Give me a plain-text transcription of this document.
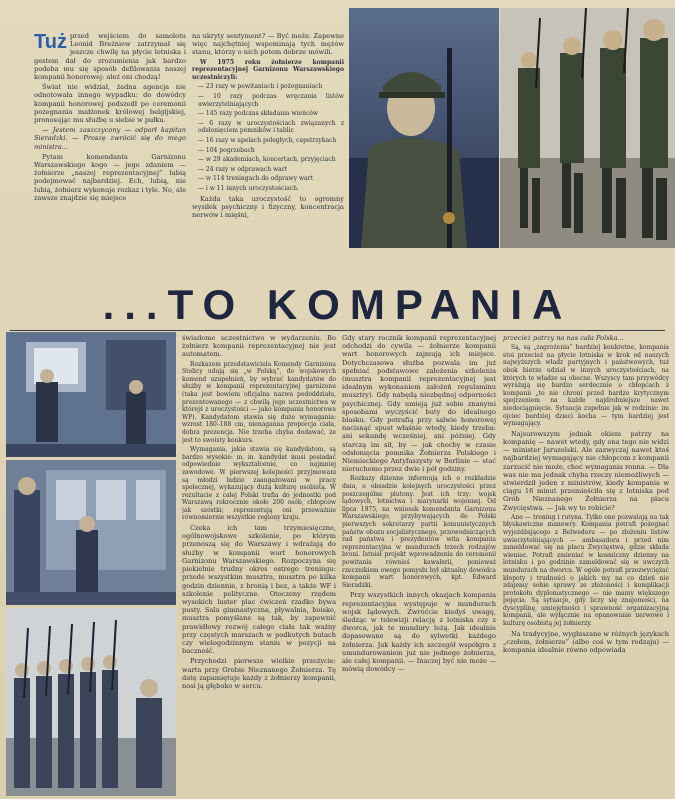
Tuż przed wejściem do samolotu Leonid Breżniew zatrzymał się jeszcze chwilę na płycie lotniska i gestem dał do zrozumienia jak bardzo podoba mu się sposób defilowania naszej kompanii honorowej: ależ oni chodzą!

Świat nie widział, żadna agencja nie odnotowała innego wypadku: do dowódcy kompanii honorowej podszedł po ceremonii pożegnania małżonek królowej belgijskiej, pronosując mu służbę u siebie w pułku.

— Jestem zaszczycony — odparł kapitan Sieradzki. — Proszę zwrócić się do mego ministra...

Pytam komendanta Garnizonu Warszawskiego kogo — jego zdaniem — żołnierze „naszej reprezentacyjnej” lubią podejmować najbardziej. Ech, lubią, nie lubią, żołnierz wykonuje rozkaz i tyle. No, ale zawsze znajdzie się miejsce

na ukryty sentyment? — Być może. Zapewne więc najchętniej wspominają tych mężów stanu, którzy o nich potem dobrze mówili.

W 1975 roku żołnierze kompanii reprezentacyjnej Garnizonu Warszawskiego uczestniczyli:

— 23 razy w powitaniach i pożegnaniach

— 10 razy podczas wręczania listów uwierzytelniających

— 145 razy podczas składania wieńców

— 6 razy w uroczystościach związanych z odsłonięciem pomników i tablic

— 16 razy w apelach poległych, capstrzykach

— 104 pogrzebach

— w 29 akademiach, koncertach, przyjęciach

— 24 razy w odprawach wart

— w 114 treningach do odprawy wart

— i w 11 innych uroczystościach.

Każda taka uroczystość to ogromny wysiłek psychiczny i fizyczny, koncentracja nerwów i mięśni,

...TO KOMPANIA

świadome uczestnictwo w wydarzeniu. Bo żołnierz kompanii reprezentacyjnej nie jest automatem.

Rozkazem przedstawiciela Komendy Garnizonu Stolicy udają się „w Polskę”, do wojskowych komend uzupełnień, by wybrać kandydatów do służby w kompanii reprezentacyjnej garnizonu (taka jest bowiem oficjalna nazwa pododdziału, prezentowanego — z chwilą jego uczestnictwa w którejś z uroczystości — jako kompania honorowa WP). Kandydatom stawia się duże wymagania: wzrost 180–188 cm, nienaganna proporcja ciała, dobra prezencja. Nie trzeba chyba dodawać, że jest to swoisty konkurs.

Wymagania, jakie stawia się kandydatom, są bardzo wysokie: m. in. kandydat musi posiadać odpowiednie wykształcenie, co najmniej zawodowe. W pierwszej kolejności przyjmowani są młodzi ludzie zaangażowani w pracy społecznej, wykazujący dużą kulturę osobistą. W rezultacie z całej Polski trafia do jednostki pod Warszawą rokrocznie około 200 osób, chłopców jak szóstki; reprezentują oni przeważnie równomiernie wszystkie regiony kraju.

Czeka ich tam trzymiesięczne, ogólnowojskowe szkolenie, po którym przenoszą się do Warszawy i wdrażają do służby w kompanii wart honorowych Garnizonu Warszawskiego. Rozpoczyna się piekielnie trudny okres ostrego treningu: przede wszystkim musztra, musztra po kilka godzin dziennie, z bronią i bez, a także WF i szkolenie polityczne. Otoczony rzędem wysokich luster plac ćwiczeń rzadko bywa pusty. Sala gimnastyczna, pływalnia, boisko, musztra pomyślane są tak, by zapewnić prawidłowy rozwój całego ciała tak ważny przy częstych marszach w podkutych butach czy wielogodzinnym staniu w pozycji na baczność.

Przychodzi pierwsze wielkie przeżycie: warta przy Grobie Nieznanego Żołnierza. Tę datę zapamiętuje każdy z żołnierzy kompanii, nosi ją głęboko w sercu.

Gdy stary rocznik kompanii reprezentacyjnej odchodzi do cywila — żołnierze kompanii wart honorowych zajmują ich miejsce. Dotychczasowa służba pozwala im już spełniać podstawowe założenia szkolenia (musztra kompanii reprezentacyjnej jest idealnym wykonaniem założeń regulaminu musztry). Gdy nabędą niezbędnej odporności psychicznej. Gdy umieją już sobie znanymi sposobami wyczyścić buty do idealnego blasku. Gdy potrafią przy salwie honorowej nacisnąć spust właśnie wtedy, kiedy trzeba: ani sekundę wcześniej, ani później. Gdy starczą im sił, by — jak choćby w czasie odsłonięcia pomnika Żołnierza Polskiego i Niemieckiego Antyfaszysty w Berlinie — stać nieruchomo przez dwie i pół godziny.

Rozkazy dzienne informują ich o rozkładzie dnia, o obsadzie kolejnych uroczystości przez poszczególne plutony. Jest ich trzy: wojsk lądowych, lotnictwa i marynarki wojennej. Od lipca 1975, na wniosek komendanta Garnizonu Warszawskiego, przybywających do Polski pierwszych sekretarzy partii komunistycznych państw obozu socjalistycznego, przewodniczących rad państwa i prezydentów wita kompania reprezentacyjna w mundurach trzech rodzajów broni. Istniał projekt wprowadzenia do ceremonii powitania równieś kawalerii, ponieważ rzecznikiem owego pomysłu był aktualny dowódca kompanii wart honorowych, kpt. Edward Sieradzki.

Przy wszystkich innych okazjach kompania reprezentacyjna występuje w mundurach wojsk lądowych. Zwróćcie kiedyś uwagę, śledząc w telewizji relację z lotniska czy z dworca, jak te mundury leżą. Jak idealnie dopasowane są do sylwetki każdego żołnierza. Jak każdy ich szczegół współgra z umundurowaniem już nie jednego żołnierza, ale całej kompanii. — Inaczej być nie może — mówią dowódcy —

przecież patrzy na nas cała Polska...

Są, są „zagrożenia” bardziej konkretne, kompania stoi przecież na płycie lotniska w krok od naszych najwyższych władz partyjnych i państwowych, tuż obok bierze udział w innych uroczystościach, na których te władze są obecne. Wszyscy tam przywódcy wyrażają się bardzo serdecznie o chłopcach z kompanii „to nie chroni przed bardzo krytycznym spojrzeniem na każde najdrobniejsze nawet niedociągnięcie. Sytuacja zupełnie jak w rodzinie: im ojciec bardziej dzieci kocha — tym bardziej jest wymagający.

Najsurowszym jednak okiem patrzy na kompanię — nawet wtedy, gdy ona tego nie widzi — minister Jaruzelski. Ale zazwyczaj nawet ktoś najbardziej wymagający nie chłopcom z kompanii zarzucić nie może, choć wymagania ronna. — Dla was nie ma jednak chyba rzeczy niemożliwych — stwierdził jeden z ministrów, kiedy kompania w ciągu 16 minut przemieściła się z lotniska pod Grób Nieznanego Żołnierza na placu Zwycięstwa. — Jak wy to robicie?

Ano — trening i rutyna. Tylko one pozwalają na tak błyskawiczne manewry. Kompania potrafi pożegnać wyjeżdżającego z Belwederu — po złożeniu listów uwierzytelniających — ambasadora i przed nim zameldować się na placu Zwycięstwa, gdzie składa wieniec. Potrafi zmieniać w kosmiczny dzienny na lotnisku i po godzinie zameldować się w uwczych mundurach na dworcu. W ogóle potrafi przezwyciężać kłopoty i trudności o jakich my na co dzień nie zdajemy sobie sprawy ze złożoności i komplikacji protokołu dyplomatycznego — nie mamy większego pojęcia. Są sytuacje, gdy liczy się znajomości, na dyscyplinę, umiejętności i sprawność organizacyjną kompanii, ale wyłącznie na opanowanie nerwowe i kulturę osobistą jej żołnierzy.

Na tradycyjne, wygłaszane w różnych językach „czołem, żołnierze” (albo coś w tym rodzaju) — kompania idealnie równo odpowiada
